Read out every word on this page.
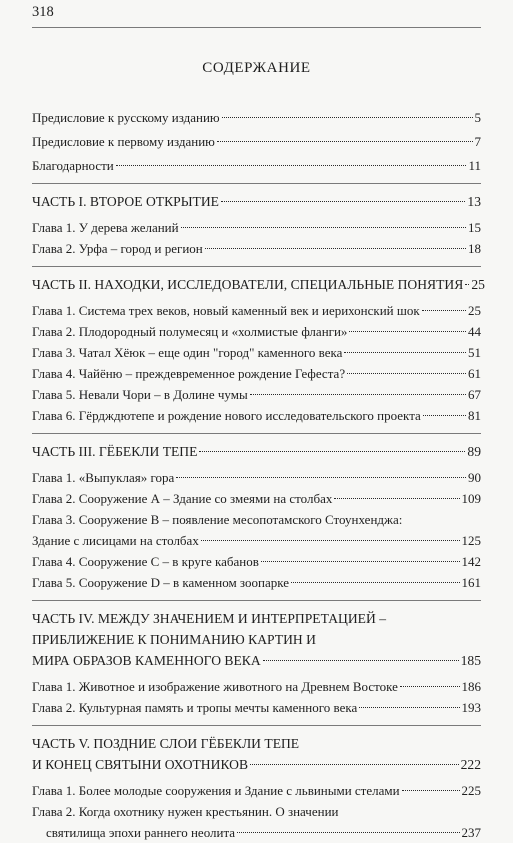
318
СОДЕРЖАНИЕ
Предисловие к русскому изданию	5
Предисловие к первому изданию	7
Благодарности	11
ЧАСТЬ I. ВТОРОЕ ОТКРЫТИЕ	13
Глава 1. У дерева желаний	15
Глава 2. Урфа – город и регион	18
ЧАСТЬ II. НАХОДКИ, ИССЛЕДОВАТЕЛИ, СПЕЦИАЛЬНЫЕ ПОНЯТИЯ 25
Глава 1. Система трех веков, новый каменный век и иерихонский шок	25
Глава 2. Плодородный полумесяц и «холмистые фланги»	44
Глава 3. Чатал Хёюк – еще один "город" каменного века	51
Глава 4. Чайёню – преждевременное рождение Гефеста?	61
Глава 5. Невали Чори – в Долине чумы	67
Глава 6. Гёрдждютепе и рождение нового исследовательского проекта	81
ЧАСТЬ III. ГЁБЕКЛИ ТЕПЕ	89
Глава 1. «Выпуклая» гора	90
Глава 2. Сооружение А – Здание со змеями на столбах	109
Глава 3. Сооружение В – появление месопотамского Стоунхенджа:
Здание с лисицами на столбах	125
Глава 4. Сооружение С – в круге кабанов	142
Глава 5. Сооружение D – в каменном зоопарке	161
ЧАСТЬ IV. МЕЖДУ ЗНАЧЕНИЕМ И ИНТЕРПРЕТАЦИЕЙ –
ПРИБЛИЖЕНИЕ К ПОНИМАНИЮ КАРТИН И
МИРА ОБРАЗОВ КАМЕННОГО ВЕКА	185
Глава 1. Животное и изображение животного на Древнем Востоке	186
Глава 2. Культурная память и тропы мечты каменного века	193
ЧАСТЬ V. ПОЗДНИЕ СЛОИ ГЁБЕКЛИ ТЕПЕ
И КОНЕЦ СВЯТЫНИ ОХОТНИКОВ	222
Глава 1. Более молодые сооружения и Здание с львиными стелами	225
Глава 2. Когда охотнику нужен крестьянин. О значении
святилища эпохи раннего неолита	237
